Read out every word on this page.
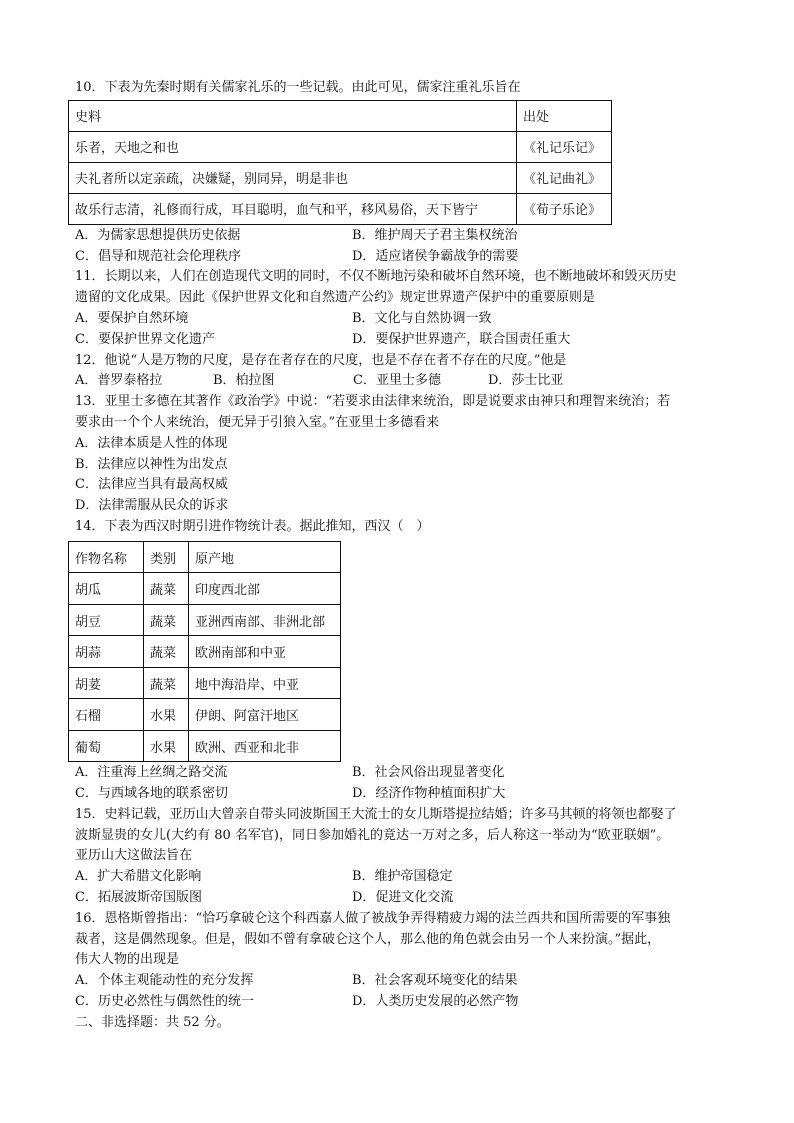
10．下表为先秦时期有关儒家礼乐的一些记载。由此可见，儒家注重礼乐旨在
史料	出处
乐者，天地之和也	《礼记乐记》
夫礼者所以定亲疏，决嫌疑，别同异，明是非也	《礼记曲礼》
故乐行志清，礼修而行成，耳目聪明，血气和平，移风易俗，天下皆宁	《荀子乐论》
A．为儒家思想提供历史依据	B．维护周天子君主集权统治
C．倡导和规范社会伦理秩序	D．适应诸侯争霸战争的需要
11．长期以来，人们在创造现代文明的同时，不仅不断地污染和破坏自然环境，也不断地破坏和毁灭历史
遗留的文化成果。因此《保护世界文化和自然遗产公约》规定世界遗产保护中的重要原则是
A．要保护自然环境	B．文化与自然协调一致
C．要保护世界文化遗产	D．要保护世界遗产，联合国责任重大
12．他说“人是万物的尺度，是存在者存在的尺度，也是不存在者不存在的尺度。”他是
A．普罗泰格拉	B．柏拉图	C．亚里士多德	D．莎士比亚
13．亚里士多德在其著作《政治学》中说：“若要求由法律来统治，即是说要求由神只和理智来统治；若
要求由一个个人来统治，便无异于引狼入室。”在亚里士多德看来
A．法律本质是人性的体现
B．法律应以神性为出发点
C．法律应当具有最高权威
D．法律需服从民众的诉求
14．下表为西汉时期引进作物统计表。据此推知，西汉（　）
作物名称	类别	原产地
胡瓜	蔬菜	印度西北部
胡豆	蔬菜	亚洲西南部、非洲北部
胡蒜	蔬菜	欧洲南部和中亚
胡荽	蔬菜	地中海沿岸、中亚
石榴	水果	伊朗、阿富汗地区
葡萄	水果	欧洲、西亚和北非
A．注重海上丝绸之路交流	B．社会风俗出现显著变化
C．与西域各地的联系密切	D．经济作物种植面积扩大
15．史料记载，亚历山大曾亲自带头同波斯国王大流士的女儿斯塔提拉结婚；许多马其顿的将领也都娶了
波斯显贵的女儿(大约有 80 名军官)，同日参加婚礼的竟达一万对之多，后人称这一举动为“欧亚联姻”。
亚历山大这做法旨在
A．扩大希腊文化影响	B．维护帝国稳定
C．拓展波斯帝国版图	D．促进文化交流
16．恩格斯曾指出：“恰巧拿破仑这个科西嘉人做了被战争弄得精疲力竭的法兰西共和国所需要的军事独
裁者，这是偶然现象。但是，假如不曾有拿破仑这个人，那么他的角色就会由另一个人来扮演。”据此，
伟大人物的出现是
A．个体主观能动性的充分发挥	B．社会客观环境变化的结果
C．历史必然性与偶然性的统一	D．人类历史发展的必然产物
二、非选择题：共 52 分。
